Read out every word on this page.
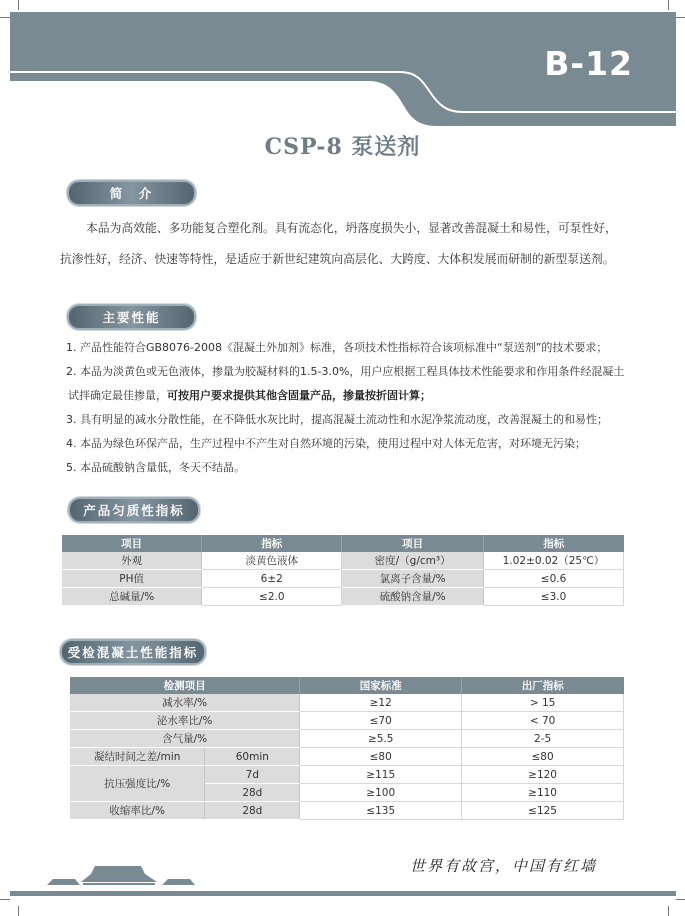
B-12
CSP-8 泵送剂
简　介
本品为高效能、多功能复合塑化剂。具有流态化，坍落度损失小，显著改善混凝土和易性，可泵性好，
抗渗性好，经济、快速等特性，是适应于新世纪建筑向高层化、大跨度、大体积发展而研制的新型泵送剂。
主要性能
1. 产品性能符合GB8076-2008《混凝土外加剂》标准，各项技术性指标符合该项标准中“泵送剂”的技术要求；
2. 本品为淡黄色或无色液体，掺量为胶凝材料的1.5-3.0%，用户应根据工程具体技术性能要求和作用条件经混凝土
试拌确定最佳掺量，可按用户要求提供其他含固量产品，掺量按折固计算；
3. 具有明显的减水分散性能，在不降低水灰比时，提高混凝土流动性和水泥净浆流动度，改善混凝土的和易性；
4. 本品为绿色环保产品，生产过程中不产生对自然环境的污染，使用过程中对人体无危害，对环境无污染；
5. 本品硫酸钠含量低，冬天不结晶。
产品匀质性指标
项目	指标	项目	指标
外观	淡黄色液体	密度/（g/cm³）	1.02±0.02（25℃）
PH值	6±2	氯离子含量/%	≤0.6
总碱量/%	≤2.0	硫酸钠含量/%	≤3.0
受检混凝土性能指标
检测项目		国家标准	出厂指标
减水率/%		≥12	> 15
泌水率比/%		≤70	< 70
含气量/%		≥5.5	2-5
凝结时间之差/min	60min	≤80	≤80
抗压强度比/%	7d	≥115	≥120
	28d	≥100	≥110
收缩率比/%	28d	≤135	≤125
世界有故宫，中国有红墙
